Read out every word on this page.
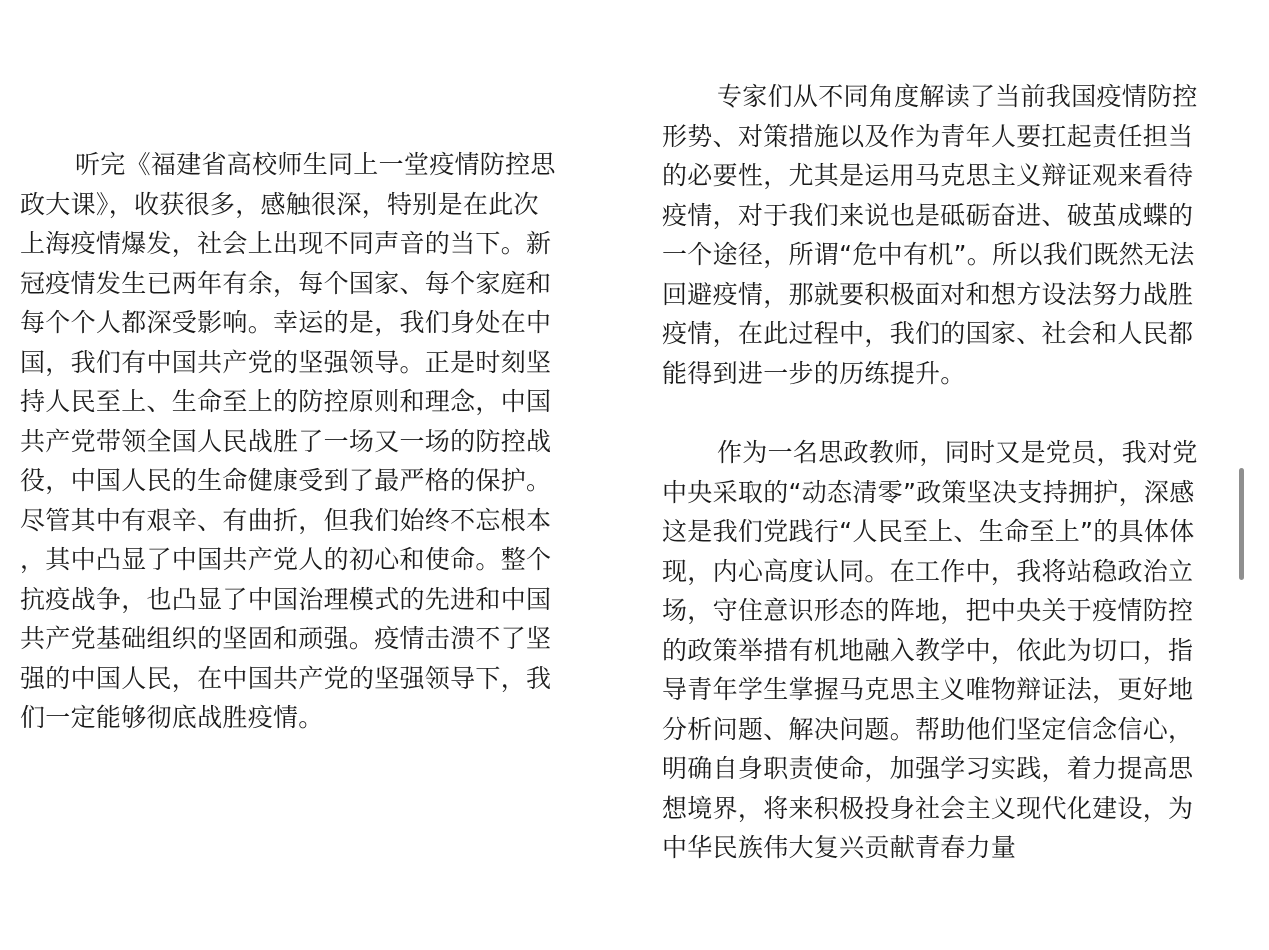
听完《福建省高校师生同上一堂疫情防控思
政大课》，收获很多，感触很深，特别是在此次
上海疫情爆发，社会上出现不同声音的当下。新
冠疫情发生已两年有余，每个国家、每个家庭和
每个个人都深受影响。幸运的是，我们身处在中
国，我们有中国共产党的坚强领导。正是时刻坚
持人民至上、生命至上的防控原则和理念，中国
共产党带领全国人民战胜了一场又一场的防控战
役，中国人民的生命健康受到了最严格的保护。
尽管其中有艰辛、有曲折，但我们始终不忘根本
，其中凸显了中国共产党人的初心和使命。整个
抗疫战争，也凸显了中国治理模式的先进和中国
共产党基础组织的坚固和顽强。疫情击溃不了坚
强的中国人民，在中国共产党的坚强领导下，我
们一定能够彻底战胜疫情。
专家们从不同角度解读了当前我国疫情防控
形势、对策措施以及作为青年人要扛起责任担当
的必要性，尤其是运用马克思主义辩证观来看待
疫情，对于我们来说也是砥砺奋进、破茧成蝶的
一个途径，所谓“危中有机”。所以我们既然无法
回避疫情，那就要积极面对和想方设法努力战胜
疫情，在此过程中，我们的国家、社会和人民都
能得到进一步的历练提升。
作为一名思政教师，同时又是党员，我对党
中央采取的“动态清零”政策坚决支持拥护，深感
这是我们党践行“人民至上、生命至上”的具体体
现，内心高度认同。在工作中，我将站稳政治立
场，守住意识形态的阵地，把中央关于疫情防控
的政策举措有机地融入教学中，依此为切口，指
导青年学生掌握马克思主义唯物辩证法，更好地
分析问题、解决问题。帮助他们坚定信念信心，
明确自身职责使命，加强学习实践，着力提高思
想境界，将来积极投身社会主义现代化建设，为
中华民族伟大复兴贡献青春力量
